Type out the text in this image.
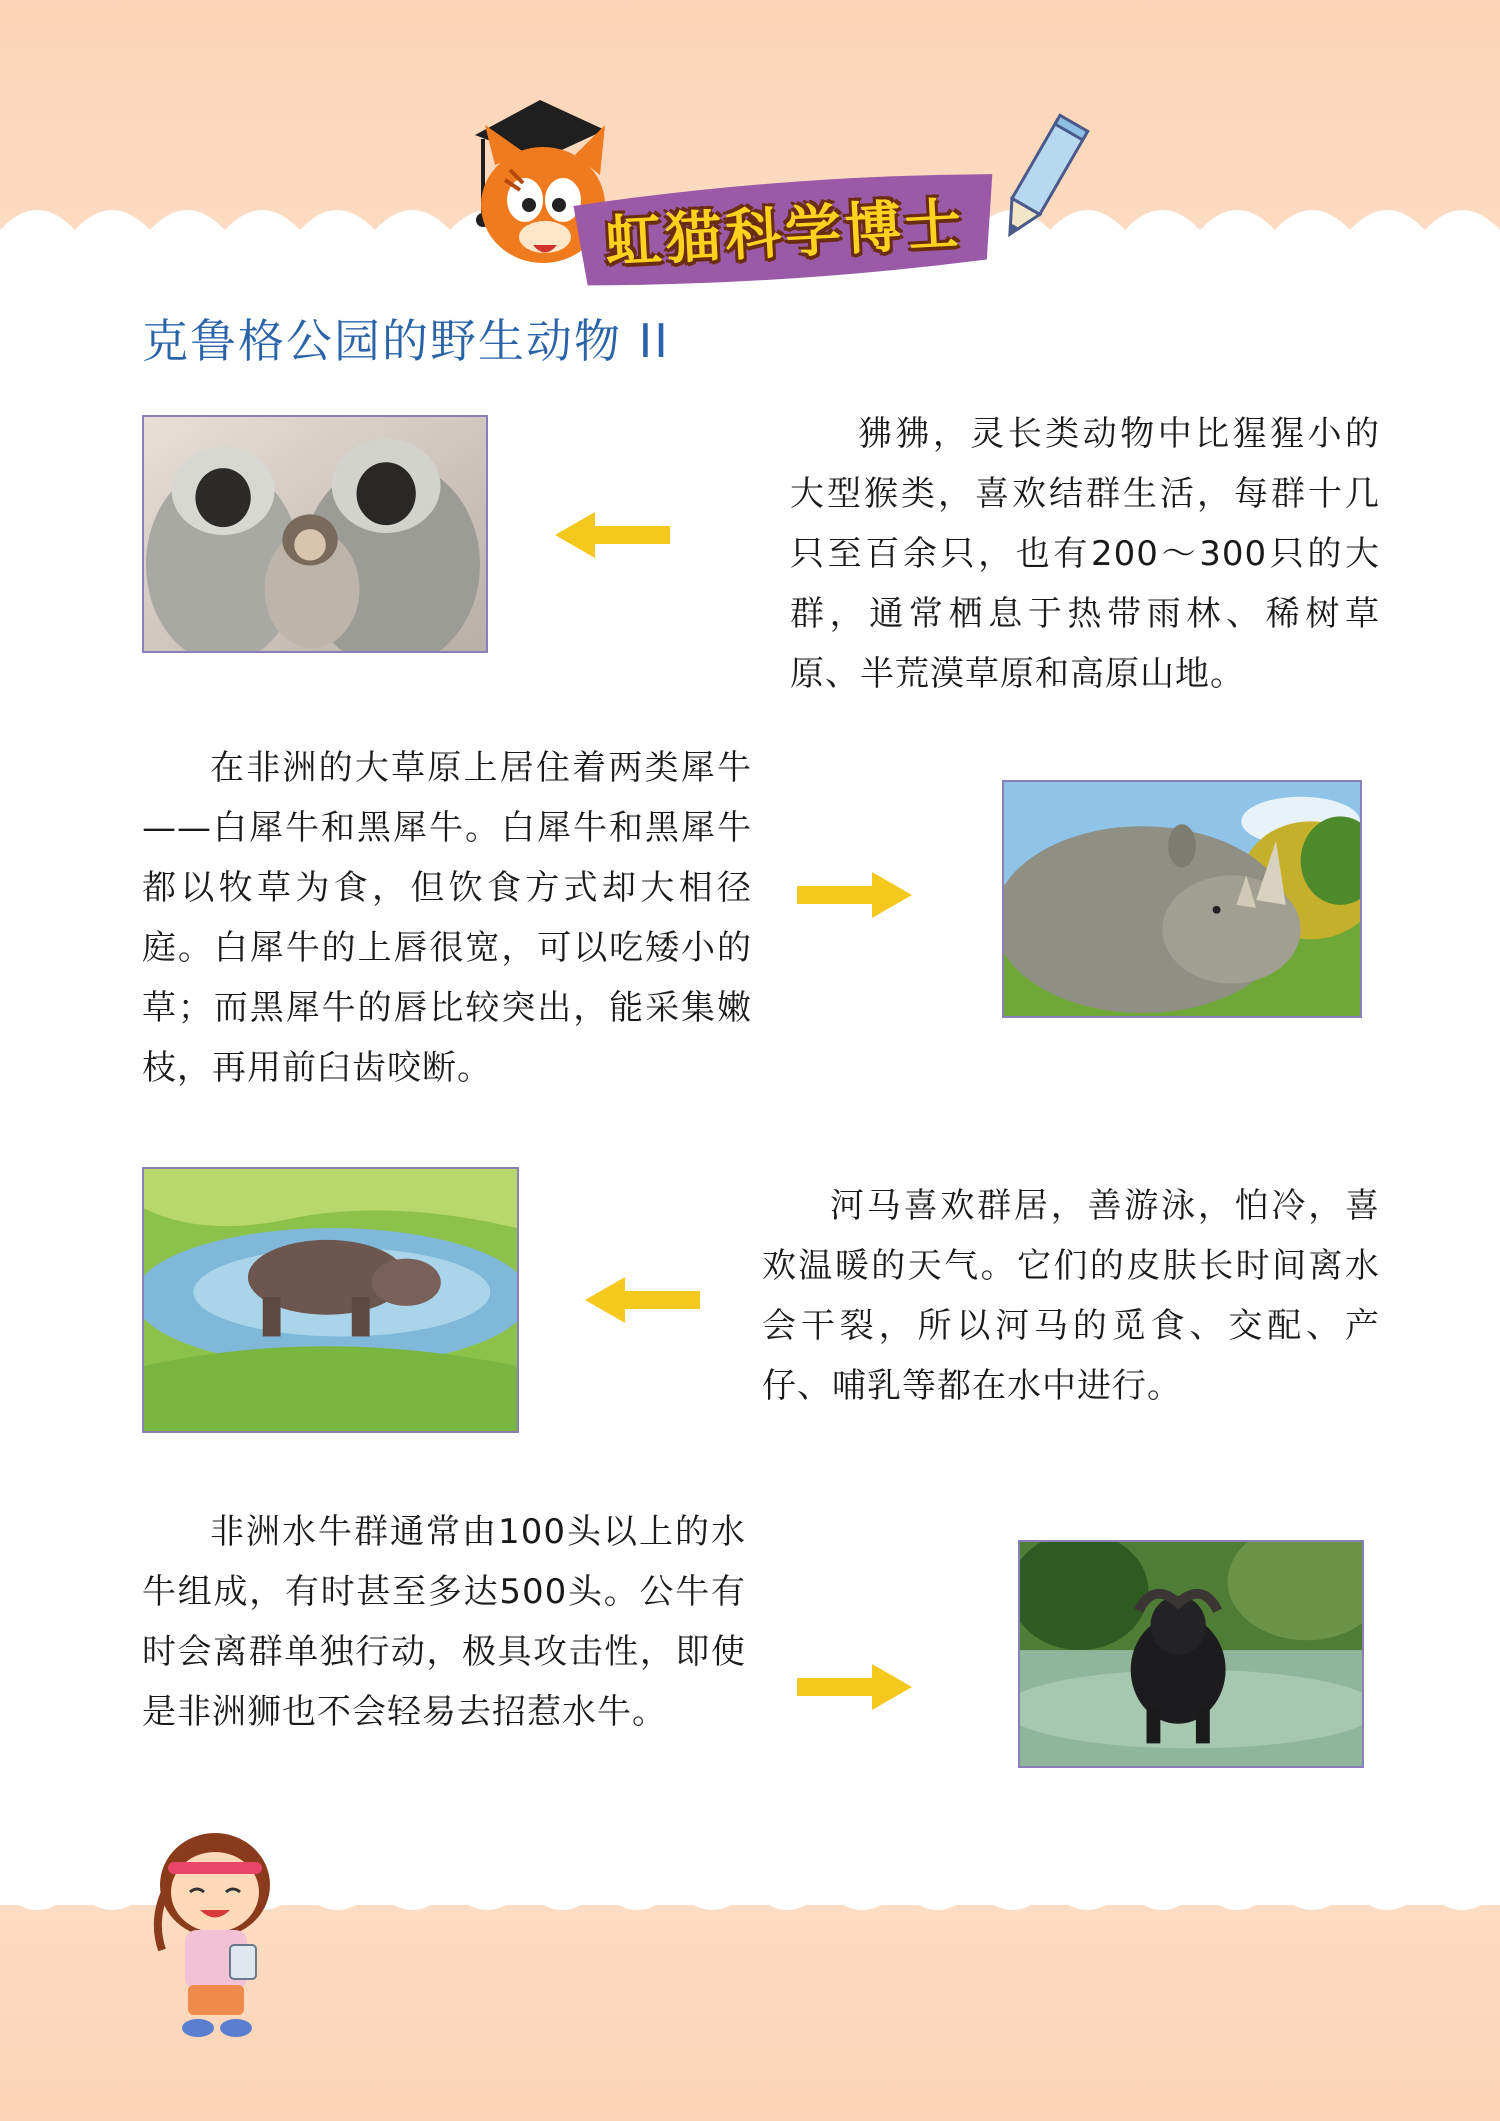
虹猫科学博士
克鲁格公园的野生动物 II

狒狒，灵长类动物中比猩猩小的大型猴类，喜欢结群生活，每群十几只至百余只，也有200～300只的大群，通常栖息于热带雨林、稀树草原、半荒漠草原和高原山地。

在非洲的大草原上居住着两类犀牛——白犀牛和黑犀牛。白犀牛和黑犀牛都以牧草为食，但饮食方式却大相径庭。白犀牛的上唇很宽，可以吃矮小的草；而黑犀牛的唇比较突出，能采集嫩枝，再用前臼齿咬断。

河马喜欢群居，善游泳，怕冷，喜欢温暖的天气。它们的皮肤长时间离水会干裂，所以河马的觅食、交配、产仔、哺乳等都在水中进行。

非洲水牛群通常由100头以上的水牛组成，有时甚至多达500头。公牛有时会离群单独行动，极具攻击性，即使是非洲狮也不会轻易去招惹水牛。
